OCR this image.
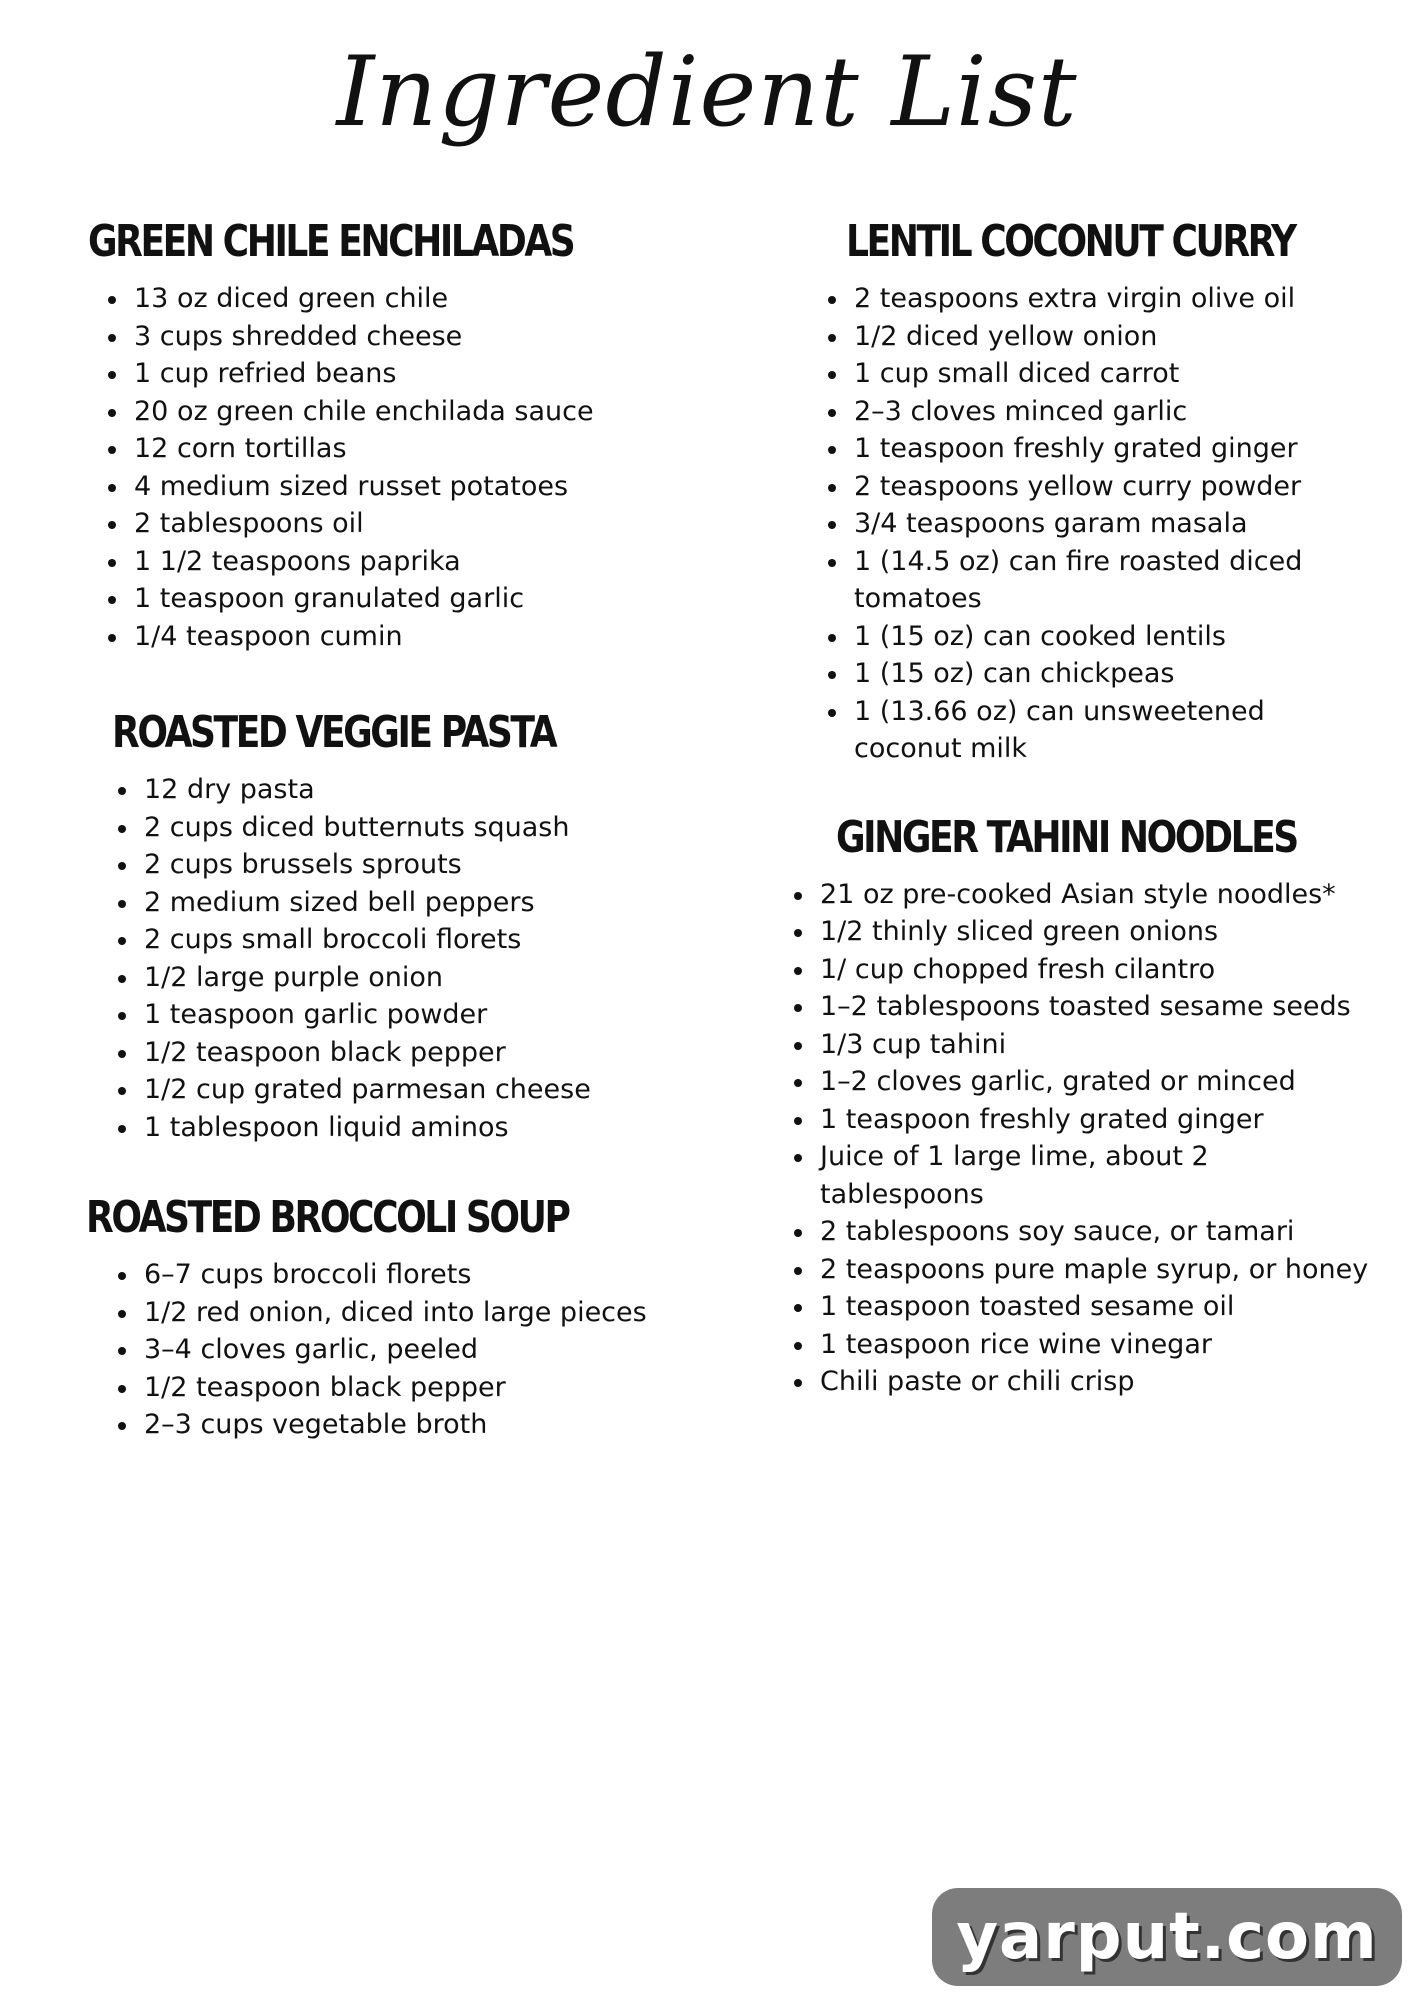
Ingredient List
GREEN CHILE ENCHILADAS
13 oz diced green chile
3 cups shredded cheese
1 cup refried beans
20 oz green chile enchilada sauce
12 corn tortillas
4 medium sized russet potatoes
2 tablespoons oil
1 1/2 teaspoons paprika
1 teaspoon granulated garlic
1/4 teaspoon cumin
ROASTED VEGGIE PASTA
12 dry pasta
2 cups diced butternuts squash
2 cups brussels sprouts
2 medium sized bell peppers
2 cups small broccoli florets
1/2 large purple onion
1 teaspoon garlic powder
1/2 teaspoon black pepper
1/2 cup grated parmesan cheese
1 tablespoon liquid aminos
ROASTED BROCCOLI SOUP
6–7 cups broccoli florets
1/2 red onion, diced into large pieces
3–4 cloves garlic, peeled
1/2 teaspoon black pepper
2–3 cups vegetable broth
LENTIL COCONUT CURRY
2 teaspoons extra virgin olive oil
1/2 diced yellow onion
1 cup small diced carrot
2–3 cloves minced garlic
1 teaspoon freshly grated ginger
2 teaspoons yellow curry powder
3/4 teaspoons garam masala
1 (14.5 oz) can fire roasted diced tomatoes
1 (15 oz) can cooked lentils
1 (15 oz) can chickpeas
1 (13.66 oz) can unsweetened coconut milk
GINGER TAHINI NOODLES
21 oz pre-cooked Asian style noodles*
1/2 thinly sliced green onions
1/ cup chopped fresh cilantro
1–2 tablespoons toasted sesame seeds
1/3 cup tahini
1–2 cloves garlic, grated or minced
1 teaspoon freshly grated ginger
Juice of 1 large lime, about 2 tablespoons
2 tablespoons soy sauce, or tamari
2 teaspoons pure maple syrup, or honey
1 teaspoon toasted sesame oil
1 teaspoon rice wine vinegar
Chili paste or chili crisp
yarput.com
